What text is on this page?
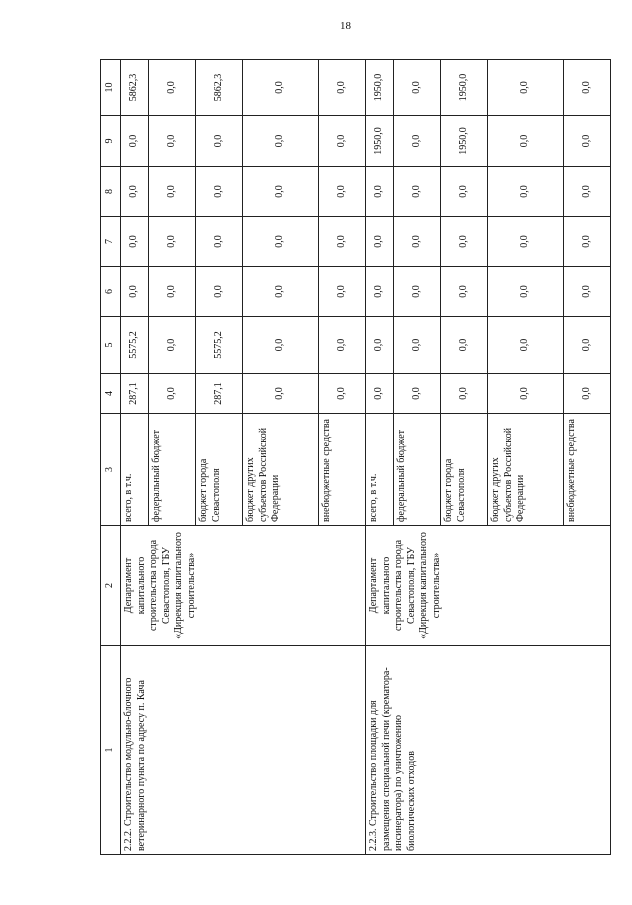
18
1	2	3	4	5	6	7	8	9	10
2.2.2. Строительство модульно-блочного ветеринарного пункта по адресу п. Кача	Департамент капитального строительства города Севастополя, ГБУ «Дирекция капитального строительства»	всего, в т.ч.	287,1	5575,2	0,0	0,0	0,0	0,0	5862,3
		федеральный бюджет	0,0	0,0	0,0	0,0	0,0	0,0	0,0
		бюджет города Севастополя	287,1	5575,2	0,0	0,0	0,0	0,0	5862,3
		бюджет других субъектов Российской Федерации	0,0	0,0	0,0	0,0	0,0	0,0	0,0
		внебюджетные средства	0,0	0,0	0,0	0,0	0,0	0,0	0,0
2.2.3. Строительство площадки для размещения специальной печи (крематора-инсинератора) по уничтожению биологических отходов	Департамент капитального строительства города Севастополя, ГБУ «Дирекция капитального строительства»	всего, в т.ч.	0,0	0,0	0,0	0,0	0,0	1950,0	1950,0
		федеральный бюджет	0,0	0,0	0,0	0,0	0,0	0,0	0,0
		бюджет города Севастополя	0,0	0,0	0,0	0,0	0,0	1950,0	1950,0
		бюджет других субъектов Российской Федерации	0,0	0,0	0,0	0,0	0,0	0,0	0,0
		внебюджетные средства	0,0	0,0	0,0	0,0	0,0	0,0	0,0
